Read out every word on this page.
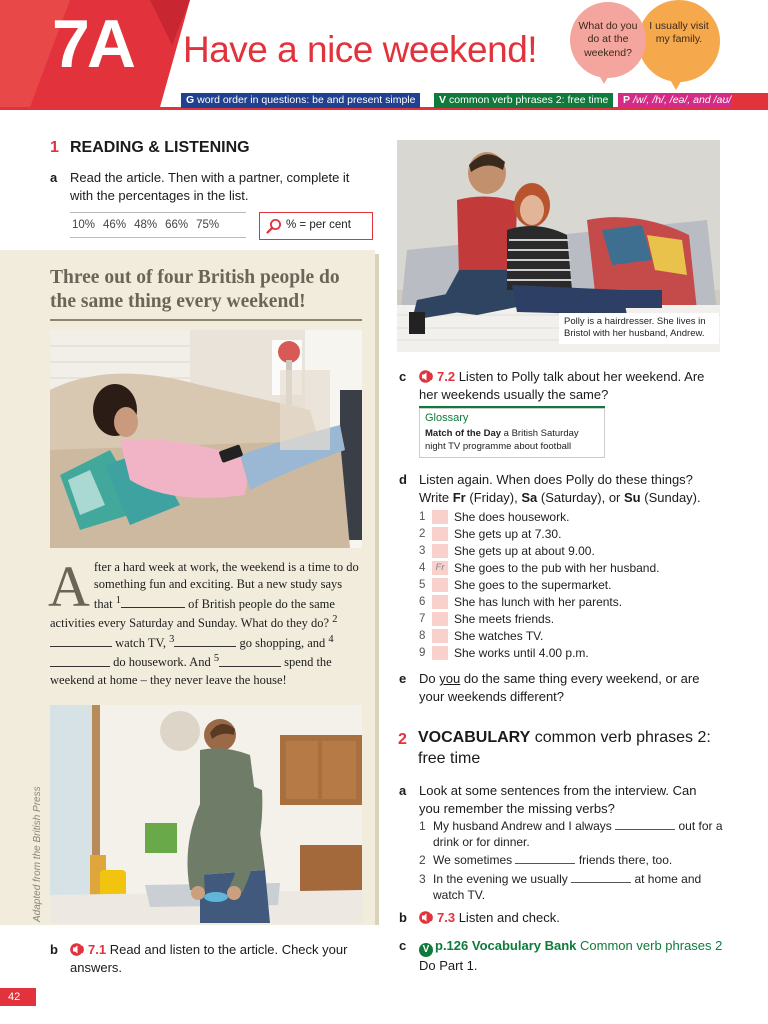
7A Have a nice weekend!
I usually visit my family.
What do you do at the weekend?
G word order in questions: be and present simple	V common verb phrases 2: free time	P /w/, /h/, /eə/, and /aʊ/
1 READING & LISTENING
a Read the article. Then with a partner, complete it with the percentages in the list.
10% 46% 48% 66% 75%	% = per cent
Three out of four British people do the same thing every weekend!
After a hard week at work, the weekend is a time to do something fun and exciting. But a new study says that $^1$	of British people do the same activities every Saturday and Sunday. What do they do? $^2$ watch TV, $^3$	go shopping, and $^4$ do housework. And $^5$	spend the weekend at home – they never leave the house!
Adapted from the British Press
Polly is a hairdresser. She lives in Bristol with her husband, Andrew.
c	7.2 Listen to Polly talk about her weekend. Are her weekends usually the same?
Glossary
Match of the Day a British Saturday night TV programme about football
d Listen again. When does Polly do these things? Write Fr (Friday), Sa (Saturday), or Su (Sunday).
1	She does housework.
2	She gets up at 7.30.
3	She gets up at about 9.00.
4	Fr She goes to the pub with her husband.
5	She goes to the supermarket.
6	She has lunch with her parents.
7	She meets friends.
8	She watches TV.
9	She works until 4.00 p.m.
e Do you do the same thing every weekend, or are your weekends different?
b	7.1 Read and listen to the article. Check your answers.
2 VOCABULARY common verb phrases 2: free time
a Look at some sentences from the interview. Can you remember the missing verbs?
1 My husband Andrew and I always	out for a drink or for dinner.
2 We sometimes	friends there, too.
3 In the evening we usually	at home and watch TV.
b	7.3 Listen and check.
c	V p.126 Vocabulary Bank Common verb phrases 2
Do Part 1.
42
